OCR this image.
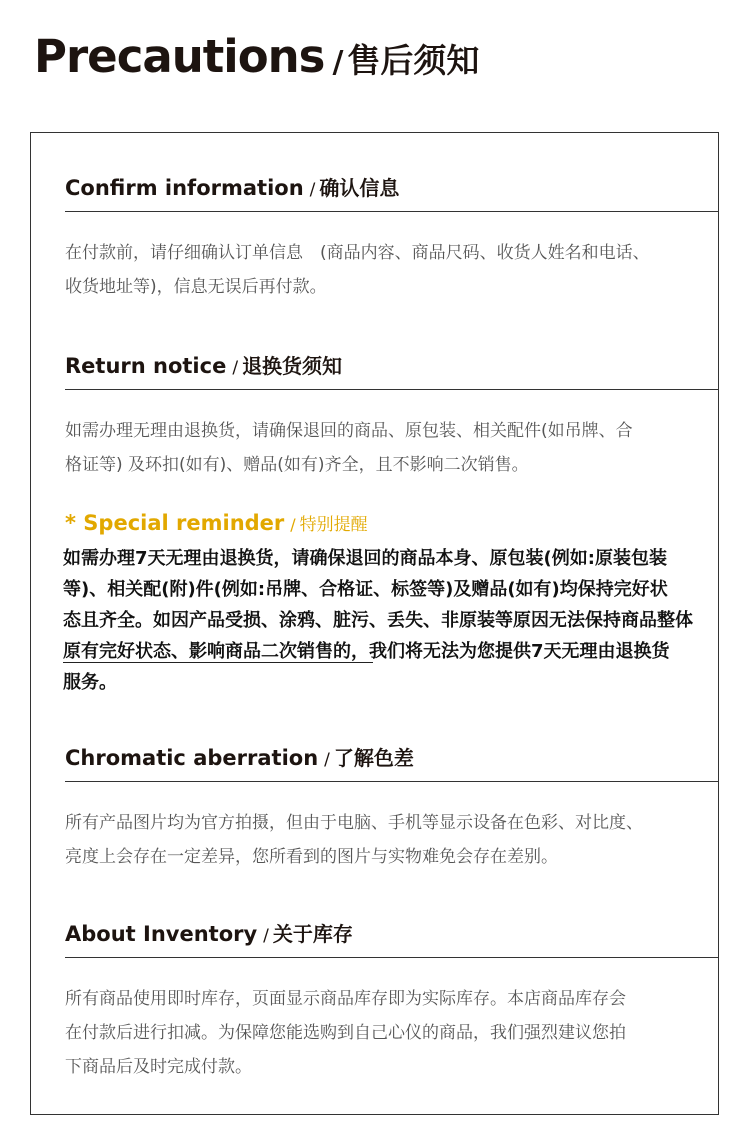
Precautions / 售后须知
Confirm information / 确认信息
在付款前，请仔细确认订单信息　(商品内容、商品尺码、收货人姓名和电话、
收货地址等)，信息无误后再付款。
Return notice / 退换货须知
如需办理无理由退换货，请确保退回的商品、原包装、相关配件(如吊牌、合
格证等) 及环扣(如有)、赠品(如有)齐全，且不影响二次销售。
* Special reminder / 特别提醒
如需办理7天无理由退换货，请确保退回的商品本身、原包装(例如:原装包装
等)、相关配(附)件(例如:吊牌、合格证、标签等)及赠品(如有)均保持完好状
态且齐全。如因产品受损、涂鸦、脏污、丢失、非原装等原因无法保持商品整体
原有完好状态、影响商品二次销售的，我们将无法为您提供7天无理由退换货
服务。
Chromatic aberration / 了解色差
所有产品图片均为官方拍摄，但由于电脑、手机等显示设备在色彩、对比度、
亮度上会存在一定差异，您所看到的图片与实物难免会存在差别。
About Inventory / 关于库存
所有商品使用即时库存，页面显示商品库存即为实际库存。本店商品库存会
在付款后进行扣减。为保障您能选购到自己心仪的商品，我们强烈建议您拍
下商品后及时完成付款。
